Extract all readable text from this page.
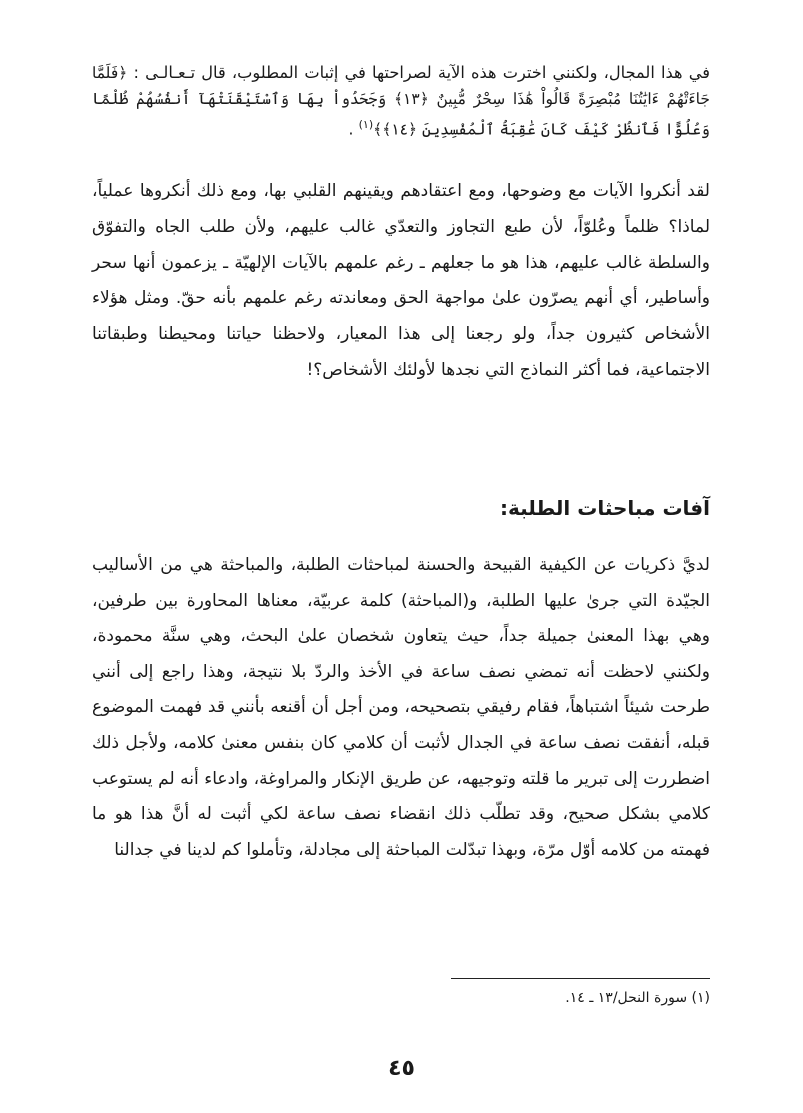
في هذا المجال، ولكنني اخترت هذه الآية لصراحتها في إثبات المطلوب، قال تـعـالـى : ﴿فَلَمَّا جَاءَتْهُمْ ءَايَٰتُنَا مُبْصِرَةً قَالُواْ هَٰذَا سِحْرٌ مُّبِينٌ ﴿١٣﴾ وَجَحَدُواْ بِهَا وَٱسْتَيْقَنَتْهَآ أَنفُسُهُمْ ظُلْمًا وَعُلُوًّا فَٱنظُرْ كَيْفَ كَانَ عَٰقِبَةُ ٱلْمُفْسِدِينَ ﴿١٤﴾﴾$^{(١)}$ .
لقد أنكروا الآيات مع وضوحها، ومع اعتقادهم ويقينهم القلبي بها، ومع ذلك أنكروها عملياً، لماذا؟ ظلماً وعُلوّاً، لأن طبع التجاوز والتعدّي غالب عليهم، ولأن طلب الجاه والتفوّق والسلطة غالب عليهم، هذا هو ما جعلهم ـ رغم علمهم بالآيات الإلهيّة ـ يزعمون أنها سحر وأساطير، أي أنهم يصرّون علىٰ مواجهة الحق ومعاندته رغم علمهم بأنه حقّ. ومثل هؤلاء الأشخاص كثيرون جداً، ولو رجعنا إلى هذا المعيار، ولاحظنا حياتنا ومحيطنا وطبقاتنا الاجتماعية، فما أكثر النماذج التي نجدها لأولئك الأشخاص؟!
آفات مباحثات الطلبة:
لديَّ ذكريات عن الكيفية القبيحة والحسنة لمباحثات الطلبة، والمباحثة هي من الأساليب الجيّدة التي جرىٰ عليها الطلبة، و(المباحثة) كلمة عربيّة، معناها المحاورة بين طرفين، وهي بهذا المعنىٰ جميلة جداً، حيث يتعاون شخصان علىٰ البحث، وهي سنَّة محمودة، ولكنني لاحظت أنه تمضي نصف ساعة في الأخذ والردّ بلا نتيجة، وهذا راجع إلى أنني طرحت شيئاً اشتباهاً، فقام رفيقي بتصحيحه، ومن أجل أن أقنعه بأنني قد فهمت الموضوع قبله، أنفقت نصف ساعة في الجدال لأثبت أن كلامي كان بنفس معنىٰ كلامه، ولأجل ذلك اضطررت إلى تبرير ما قلته وتوجيهه، عن طريق الإنكار والمراوغة، وادعاء أنه لم يستوعب كلامي بشكل صحيح، وقد تطلّب ذلك انقضاء نصف ساعة لكي أثبت له أنَّ هذا هو ما فهمته من كلامه أوّل مرّة، وبهذا تبدّلت المباحثة إلى مجادلة، وتأملوا كم لدينا في جدالنا
(١) سورة النحل/١٣ ـ ١٤.
٤٥
